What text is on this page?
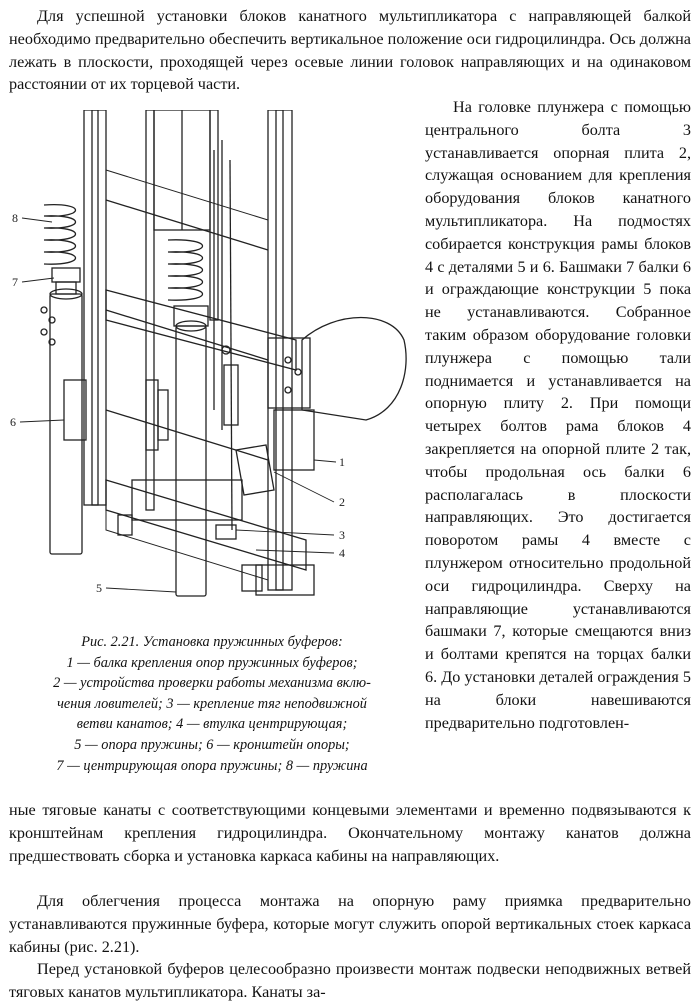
Для успешной установки блоков канатного мультипликатора с направляющей балкой необходимо предварительно обеспечить вертикальное положение оси гидроцилиндра. Ось должна лежать в плоскости, проходящей через осевые линии головок направляющих и на одинаковом расстоянии от их торцевой части.
8
7
6
1
2
3
4
5
Рис. 2.21. Установка пружинных буферов:
1 — балка крепления опор пружинных буферов;
2 — устройства проверки работы механизма вклю-
чения ловителей; 3 — крепление тяг неподвижной
ветви канатов; 4 — втулка центрирующая;
5 — опора пружины; 6 — кронштейн опоры;
7 — центрирующая опора пружины; 8 — пружина
На головке плунжера с помощью центрального болта 3 устанавливается опорная плита 2, служащая основанием для крепления оборудования блоков канатного мультипликатора. На подмостях собирается конструкция рамы блоков 4 с деталями 5 и 6. Башмаки 7 балки 6 и ограждающие конструкции 5 пока не устанавливаются. Собранное таким образом оборудование головки плунжера с помощью тали поднимается и устанавливается на опорную плиту 2. При помощи четырех болтов рама блоков 4 закрепляется на опорной плите 2 так, чтобы продольная ось балки 6 располагалась в плоскости направляющих. Это достигается поворотом рамы 4 вместе с плунжером относительно продольной оси гидроцилиндра. Сверху на направляющие устанавливаются башмаки 7, которые смещаются вниз и болтами крепятся на торцах балки 6. До установки деталей ограждения 5 на блоки навешиваются предварительно подготовлен-
ные тяговые канаты с соответствующими концевыми элементами и временно подвязываются к кронштейнам крепления гидроцилиндра. Окончательному монтажу канатов должна предшествовать сборка и установка каркаса кабины на направляющих.
Для облегчения процесса монтажа на опорную раму приямка предварительно устанавливаются пружинные буфера, которые могут служить опорой вертикальных стоек каркаса кабины (рис. 2.21).
Перед установкой буферов целесообразно произвести монтаж подвески неподвижных ветвей тяговых канатов мультипликатора. Канаты за-
